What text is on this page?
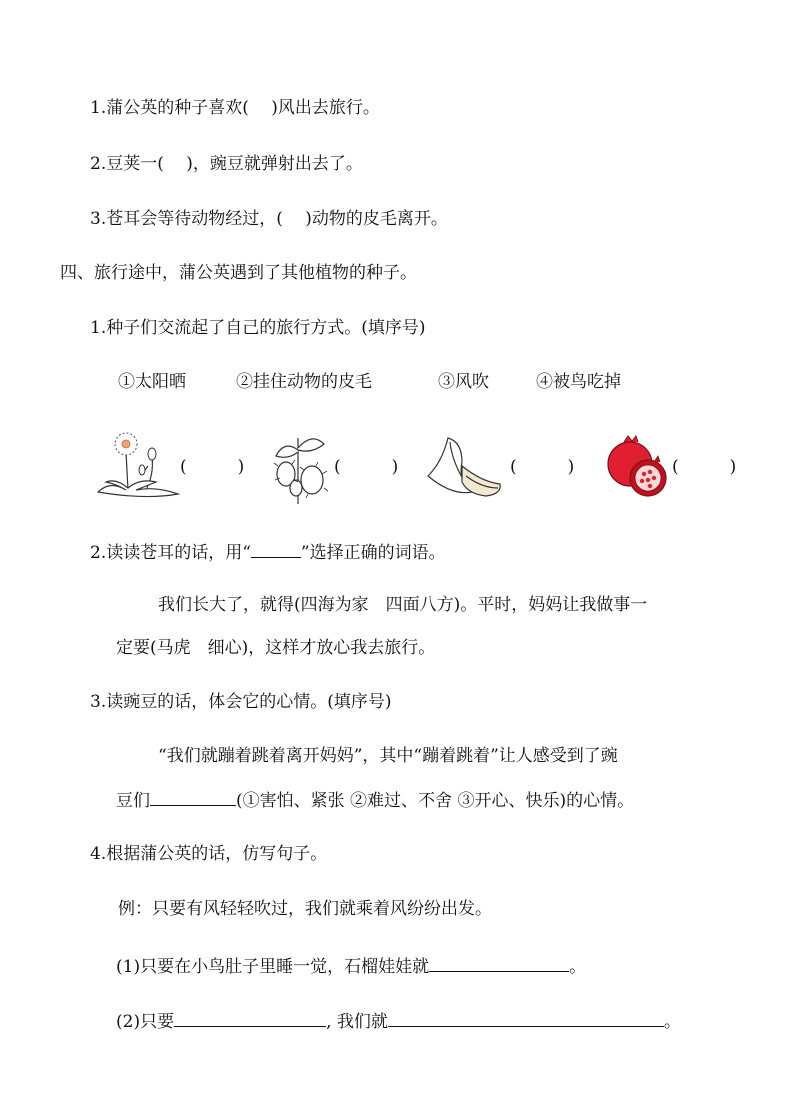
1.蒲公英的种子喜欢(　 )风出去旅行。
2.豆荚一(　 )，豌豆就弹射出去了。
3.苍耳会等待动物经过，(　 )动物的皮毛离开。
四、旅行途中，蒲公英遇到了其他植物的种子。
1.种子们交流起了自己的旅行方式。(填序号)
①太阳晒	②挂住动物的皮毛	③风吹	④被鸟吃掉
(　　　)	(　　　)	(　　　)	(　　　)
2.读读苍耳的话，用“	”选择正确的词语。
我们长大了，就得(四海为家　四面八方)。平时，妈妈让我做事一
定要(马虎　细心)，这样才放心我去旅行。
3.读豌豆的话，体会它的心情。(填序号)
“我们就蹦着跳着离开妈妈”，其中“蹦着跳着”让人感受到了豌
豆们	(①害怕、紧张 ②难过、不舍 ③开心、快乐)的心情。
4.根据蒲公英的话，仿写句子。
例：只要有风轻轻吹过，我们就乘着风纷纷出发。
(1)只要在小鸟肚子里睡一觉，石榴娃娃就	。
(2)只要	, 我们就	。
